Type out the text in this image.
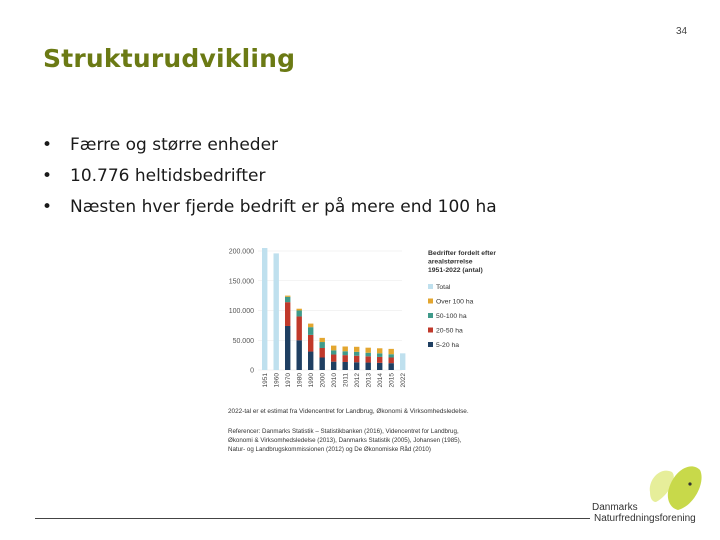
34
Strukturudvikling
• Færre og større enheder
• 10.776 heltidsbedrifter
• Næsten hver fjerde bedrift er på mere end 100 ha
200.000
150.000
100.000
50.000
0
1951 1960 1970 1980 1990 2000 2010 2011 2012 2013 2014 2015 2022
Bedrifter fordelt efter
arealstørrelse
1951-2022 (antal)
Total
Over 100 ha
50-100 ha
20-50 ha
5-20 ha
2022-tal er et estimat fra Videncentret for Landbrug, Økonomi & Virksomhedsledelse.
Referencer: Danmarks Statistik – Statistikbanken (2016), Videncentret for Landbrug,
Økonomi & Virksomhedsledelse (2013), Danmarks Statistik (2005), Johansen (1985),
Natur- og Landbrugskommissionen (2012) og De Økonomiske Råd (2010)
Danmarks
Naturfredningsforening
